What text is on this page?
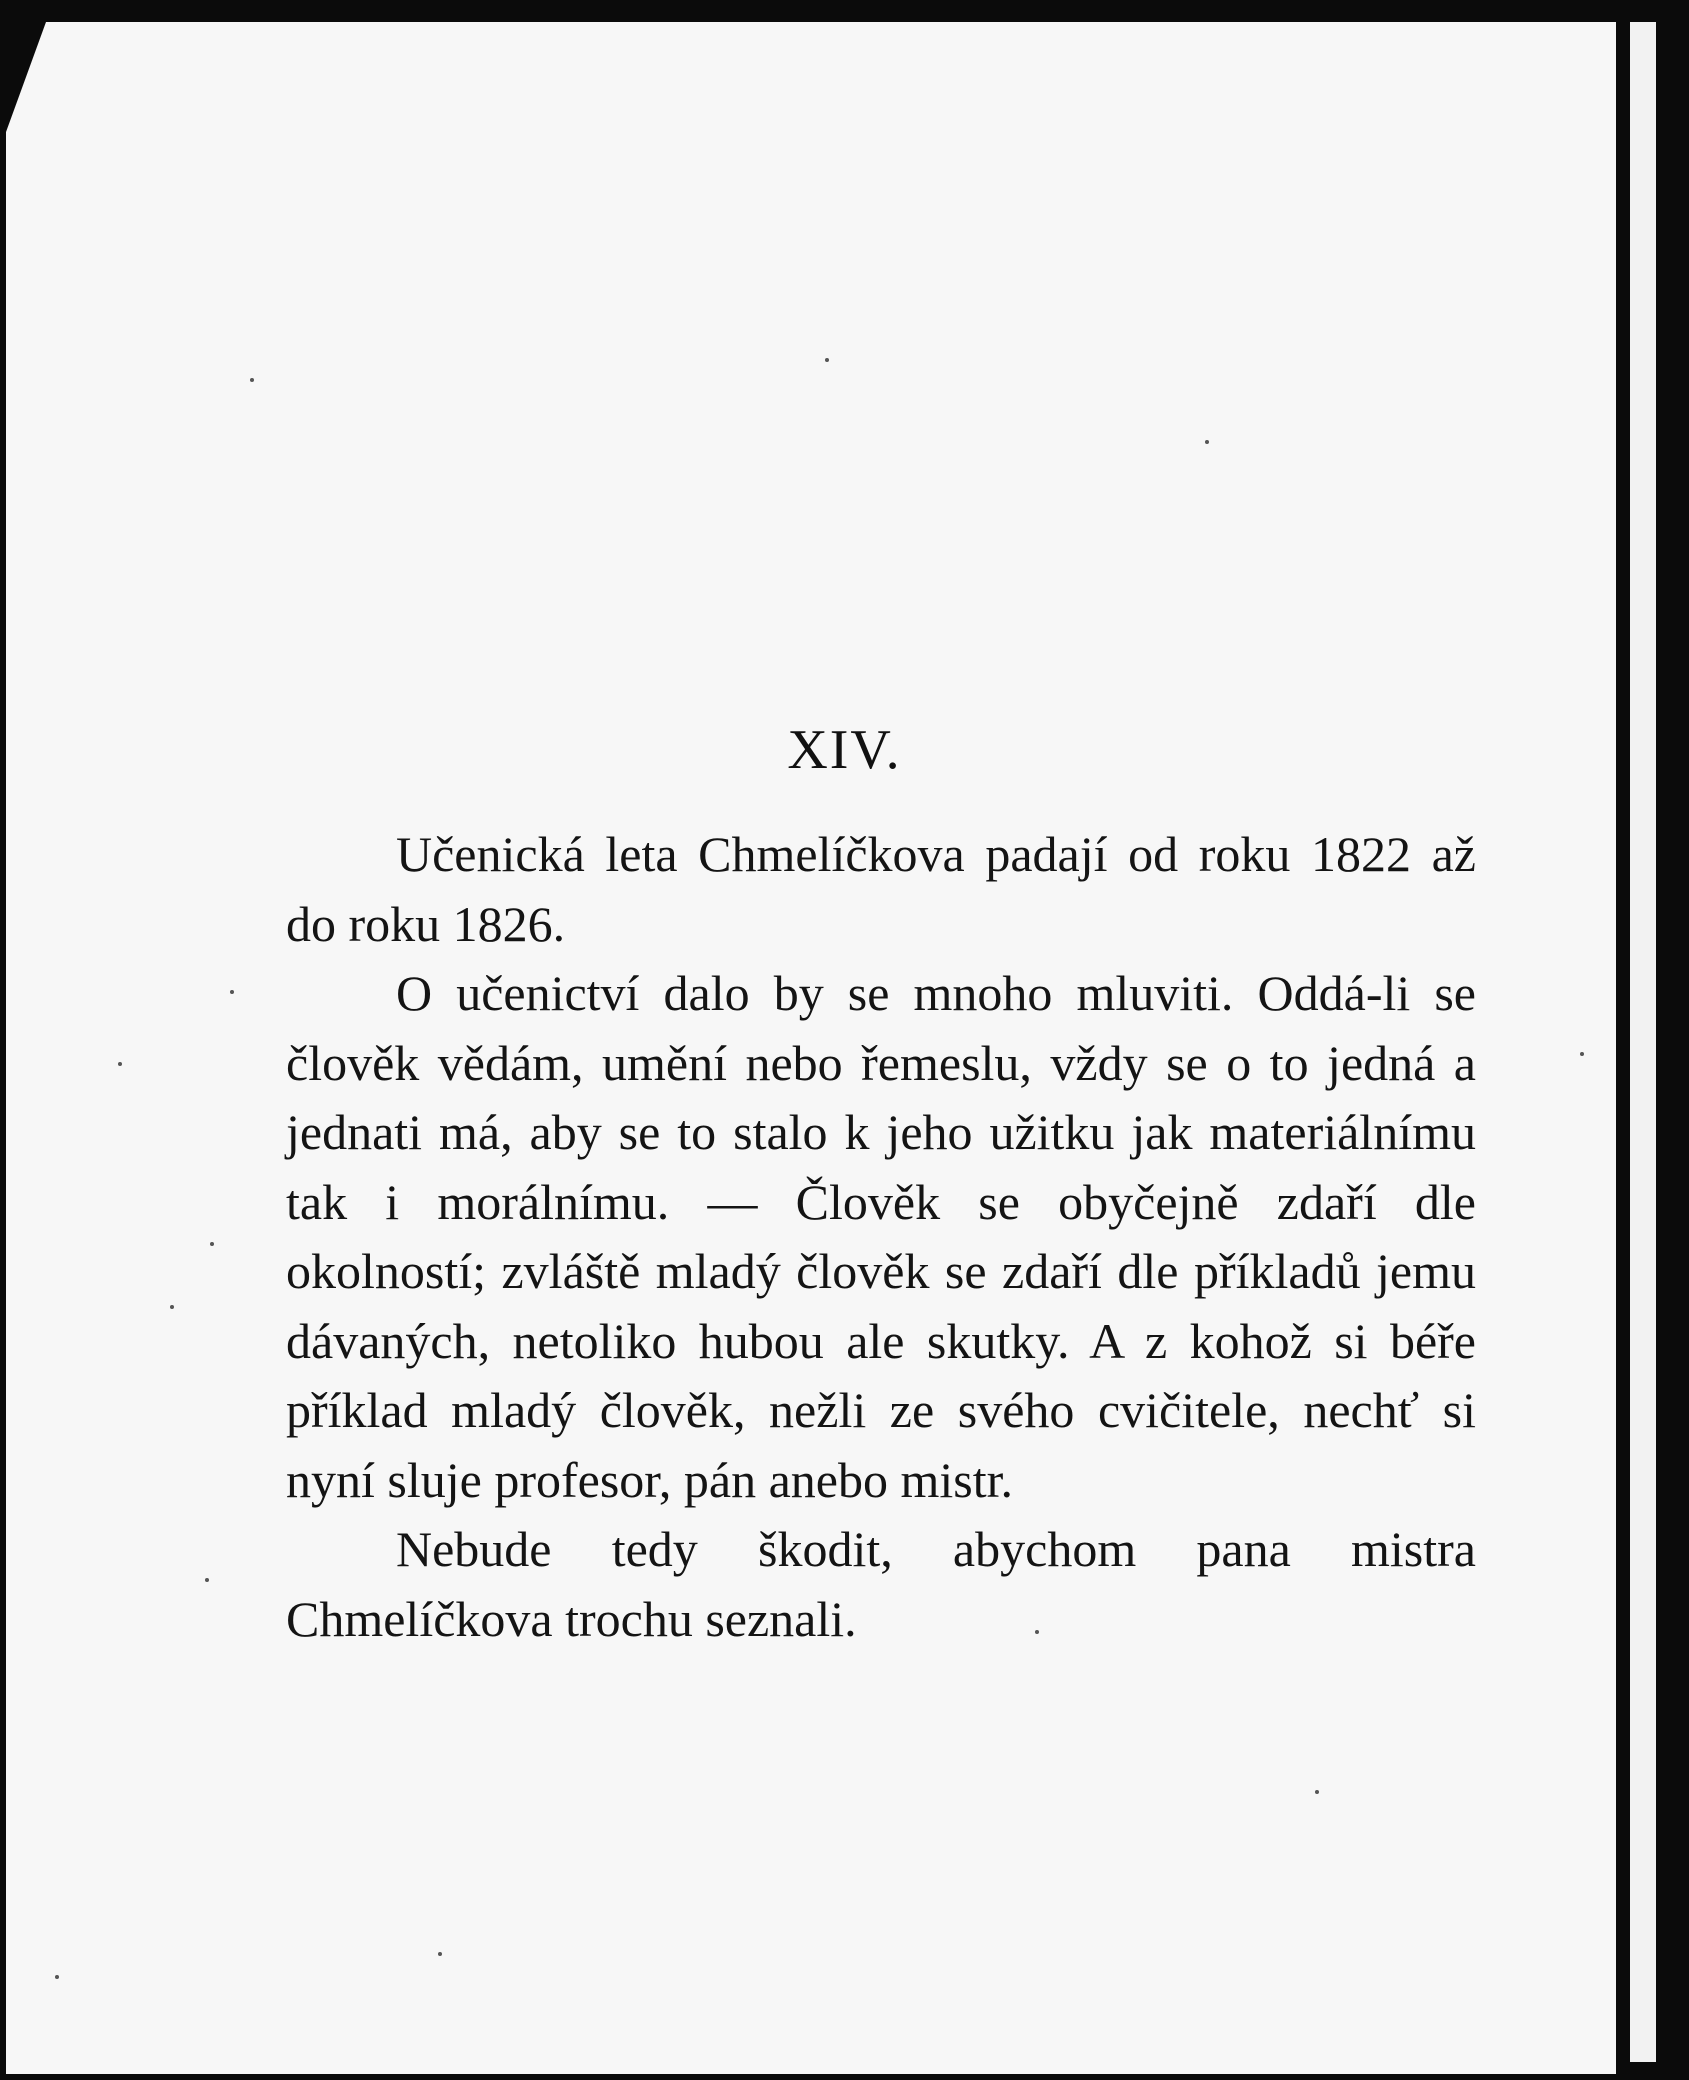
XIV.

Učenická leta Chmelíčkova padají od roku 1822 až do roku 1826.

O učenictví dalo by se mnoho mluviti. Oddá-li se člověk vědám, umění nebo řemeslu, vždy se o to jedná a jednati má, aby se to stalo k jeho užitku jak materiálnímu tak i morálnímu. — Člověk se obyčejně zdaří dle okolností; zvláště mladý člověk se zdaří dle příkladů jemu dávaných, netoliko hubou ale skutky. A z kohož si béře příklad mladý člověk, nežli ze svého cvičitele, nechť si nyní sluje profesor, pán anebo mistr.

Nebude tedy škodit, abychom pana mistra Chmelíčkova trochu seznali.
